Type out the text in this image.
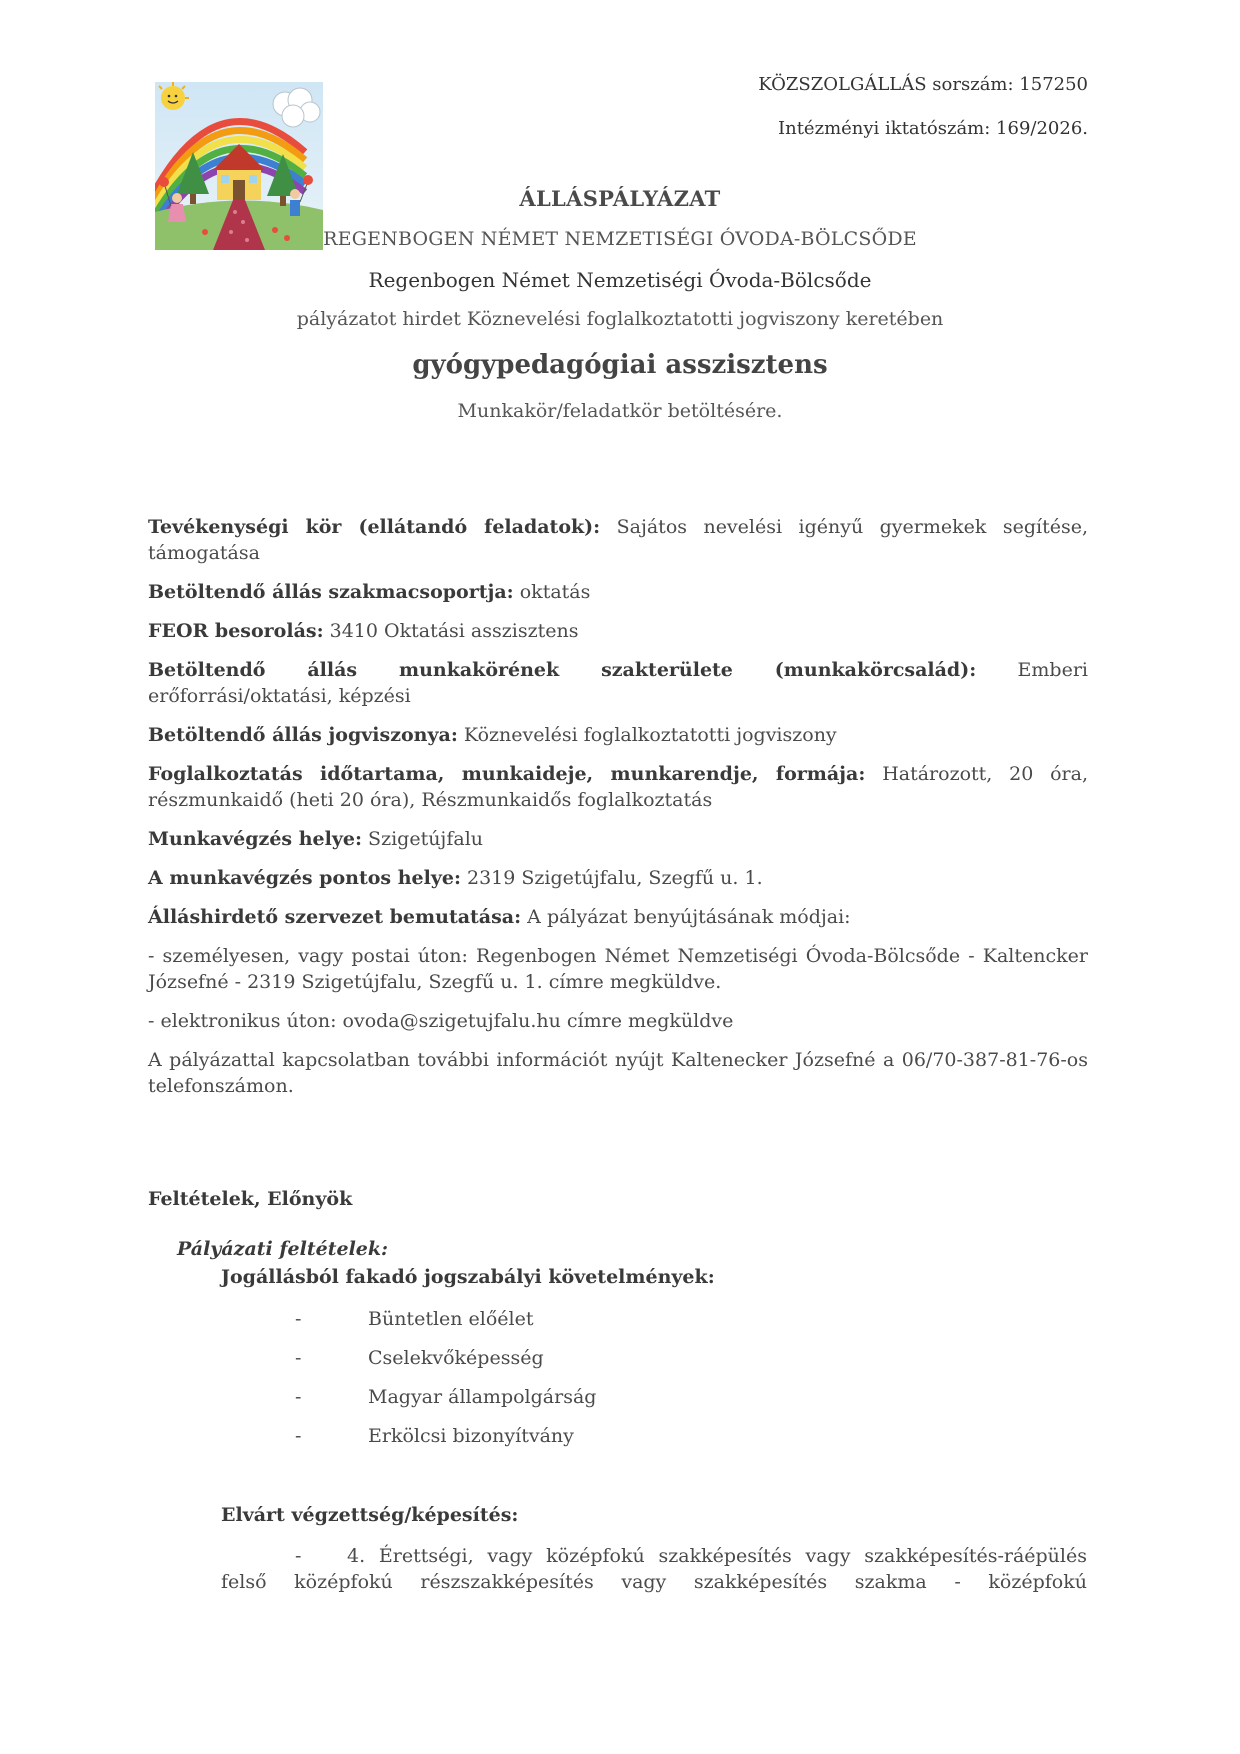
KÖZSZOLGÁLLÁS sorszám: 157250
Intézményi iktatószám: 169/2026.
ÁLLÁSPÁLYÁZAT
REGENBOGEN NÉMET NEMZETISÉGI ÓVODA-BÖLCSŐDE
Regenbogen Német Nemzetiségi Óvoda-Bölcsőde
pályázatot hirdet Köznevelési foglalkoztatotti jogviszony keretében
gyógypedagógiai asszisztens
Munkakör/feladatkör betöltésére.

Tevékenységi kör (ellátandó feladatok): Sajátos nevelési igényű gyermekek segítése, támogatása

Betöltendő állás szakmacsoportja: oktatás

FEOR besorolás: 3410 Oktatási asszisztens

Betöltendő állás munkakörének szakterülete (munkakörcsalád): Emberi erőforrási/oktatási, képzési

Betöltendő állás jogviszonya: Köznevelési foglalkoztatotti jogviszony

Foglalkoztatás időtartama, munkaideje, munkarendje, formája: Határozott, 20 óra, részmunkaidő (heti 20 óra), Részmunkaidős foglalkoztatás

Munkavégzés helye: Szigetújfalu

A munkavégzés pontos helye: 2319 Szigetújfalu, Szegfű u. 1.

Álláshirdető szervezet bemutatása: A pályázat benyújtásának módjai:

- személyesen, vagy postai úton: Regenbogen Német Nemzetiségi Óvoda-Bölcsőde - Kaltencker Józsefné - 2319 Szigetújfalu, Szegfű u. 1. címre megküldve.

- elektronikus úton: ovoda@szigetujfalu.hu címre megküldve

A pályázattal kapcsolatban további információt nyújt Kaltenecker Józsefné a 06/70-387-81-76-os telefonszámon.

Feltételek, Előnyök
Pályázati feltételek:
Jogállásból fakadó jogszabályi követelmények:
-	Büntetlen előélet
-	Cselekvőképesség
-	Magyar állampolgárság
-	Erkölcsi bizonyítvány
Elvárt végzettség/képesítés:
- 4. Érettségi, vagy középfokú szakképesítés vagy szakképesítés-ráépülés felső középfokú részszakképesítés vagy szakképesítés szakma - középfokú
